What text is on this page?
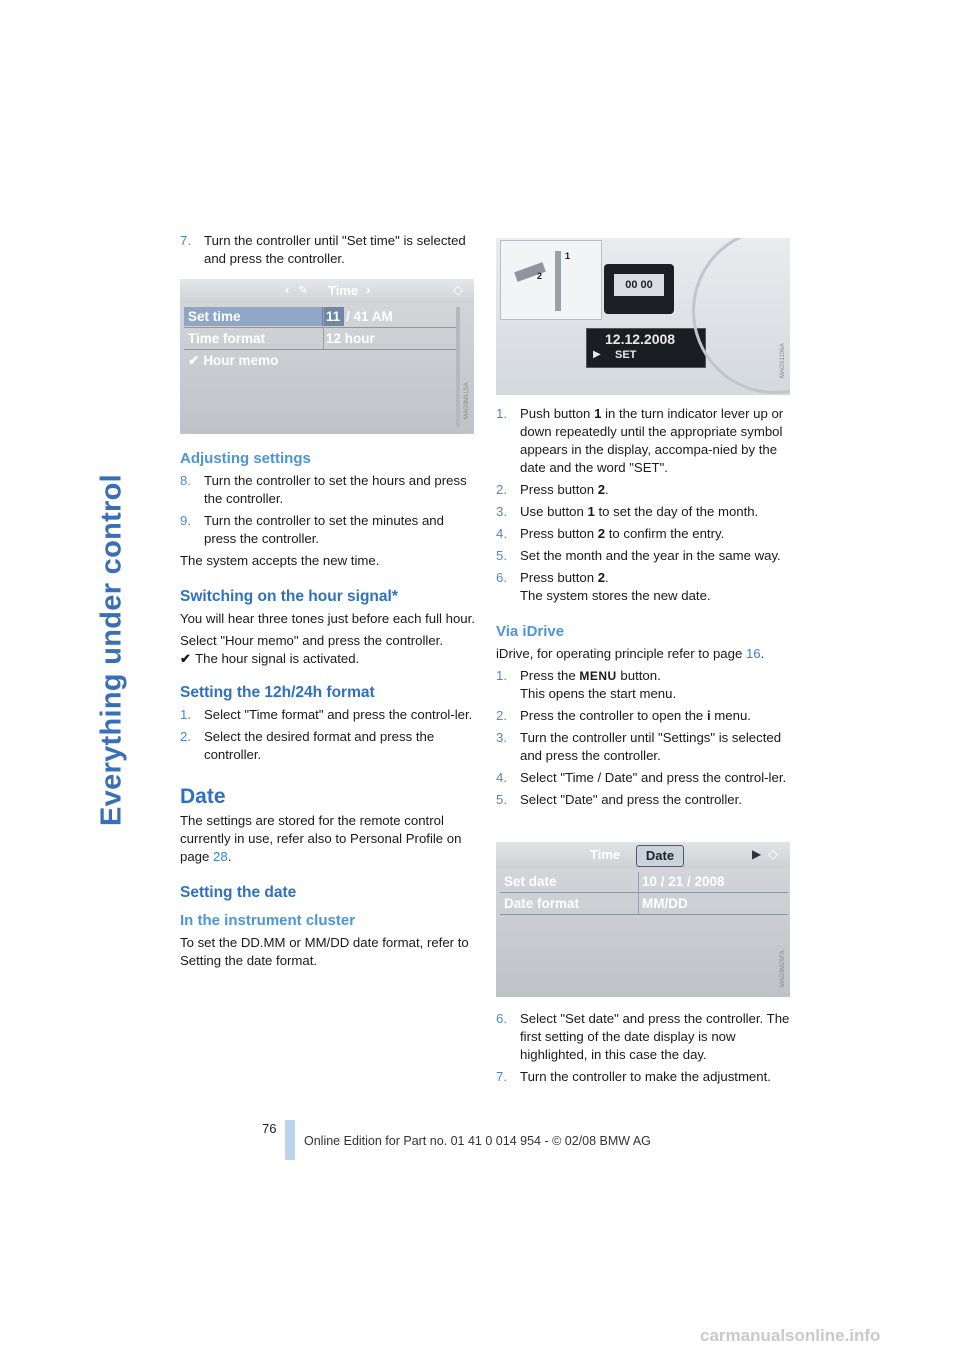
Everything under control
7. Turn the controller until "Set time" is selected and press the controller.
‹ ✎ Time ›	◇
Set time	11 / 41 AM
Time format	12 hour
✔ Hour memo
MAO3M1LSA
Adjusting settings
8. Turn the controller to set the hours and press the controller.
9. Turn the controller to set the minutes and press the controller.

The system accepts the new time.

Switching on the hour signal*

You will hear three tones just before each full hour.

Select "Hour memo" and press the controller.
✔ The hour signal is activated.

Setting the 12h/24h format
1. Select "Time format" and press the control-ler.
2. Select the desired format and press the controller.
Date

The settings are stored for the remote control currently in use, refer also to Personal Profile on page 28.

Setting the date
In the instrument cluster

To set the DD.MM or MM/DD date format, refer to Setting the date format.

1
2
00 00
12.12.2008
▶ SET	MAOS1106A
1. Push button 1 in the turn indicator lever up or down repeatedly until the appropriate symbol appears in the display, accompa-nied by the date and the word "SET".
2. Press button 2.
3. Use button 1 to set the day of the month.
4. Press button 2 to confirm the entry.
5. Set the month and the year in the same way.
6. Press button 2.
The system stores the new date.
Via iDrive

iDrive, for operating principle refer to page 16.

1. Press the MENU button.
This opens the start menu.
2. Press the controller to open the i menu.
3. Turn the controller until "Settings" is selected and press the controller.
4. Select "Time / Date" and press the control-ler.
5. Select "Date" and press the controller.
Time	Date	▶ ◇
Set date	10 / 21 / 2008
Date format	MM/DD
MAO3M2SFA
6. Select "Set date" and press the controller. The first setting of the date display is now highlighted, in this case the day.
7. Turn the controller to make the adjustment.
76
Online Edition for Part no. 01 41 0 014 954 - © 02/08 BMW AG
carmanualsonline.info
